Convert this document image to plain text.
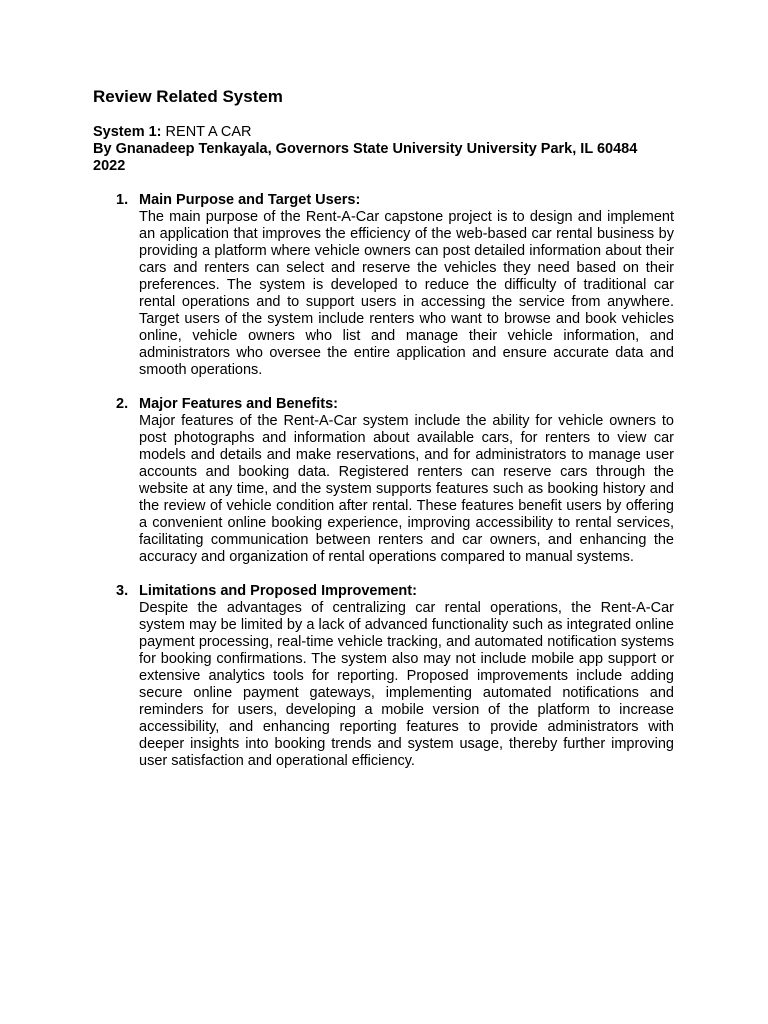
Review Related System
System 1: RENT A CAR
By Gnanadeep Tenkayala, Governors State University University Park, IL 60484
2022
1. Main Purpose and Target Users:
The main purpose of the Rent-A-Car capstone project is to design and implement an application that improves the efficiency of the web-based car rental business by providing a platform where vehicle owners can post detailed information about their cars and renters can select and reserve the vehicles they need based on their preferences. The system is developed to reduce the difficulty of traditional car rental operations and to support users in accessing the service from anywhere. Target users of the system include renters who want to browse and book vehicles online, vehicle owners who list and manage their vehicle information, and administrators who oversee the entire application and ensure accurate data and smooth operations.
2. Major Features and Benefits:
Major features of the Rent-A-Car system include the ability for vehicle owners to post photographs and information about available cars, for renters to view car models and details and make reservations, and for administrators to manage user accounts and booking data. Registered renters can reserve cars through the website at any time, and the system supports features such as booking history and the review of vehicle condition after rental. These features benefit users by offering a convenient online booking experience, improving accessibility to rental services, facilitating communication between renters and car owners, and enhancing the accuracy and organization of rental operations compared to manual systems.
3. Limitations and Proposed Improvement:
Despite the advantages of centralizing car rental operations, the Rent-A-Car system may be limited by a lack of advanced functionality such as integrated online payment processing, real-time vehicle tracking, and automated notification systems for booking confirmations. The system also may not include mobile app support or extensive analytics tools for reporting. Proposed improvements include adding secure online payment gateways, implementing automated notifications and reminders for users, developing a mobile version of the platform to increase accessibility, and enhancing reporting features to provide administrators with deeper insights into booking trends and system usage, thereby further improving user satisfaction and operational efficiency.
